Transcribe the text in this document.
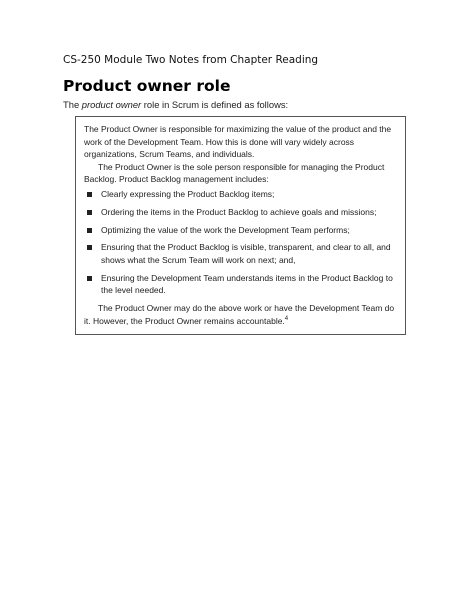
CS-250 Module Two Notes from Chapter Reading
Product owner role
The product owner role in Scrum is defined as follows:

The Product Owner is responsible for maximizing the value of the product and the work of the Development Team. How this is done will vary widely across organizations, Scrum Teams, and individuals.

The Product Owner is the sole person responsible for managing the Product Backlog. Product Backlog management includes:

Clearly expressing the Product Backlog items;
Ordering the items in the Product Backlog to achieve goals and missions;
Optimizing the value of the work the Development Team performs;
Ensuring that the Product Backlog is visible, transparent, and clear to all, and shows what the Scrum Team will work on next; and,
Ensuring the Development Team understands items in the Product Backlog to the level needed.

The Product Owner may do the above work or have the Development Team do it. However, the Product Owner remains accountable.$^4$
